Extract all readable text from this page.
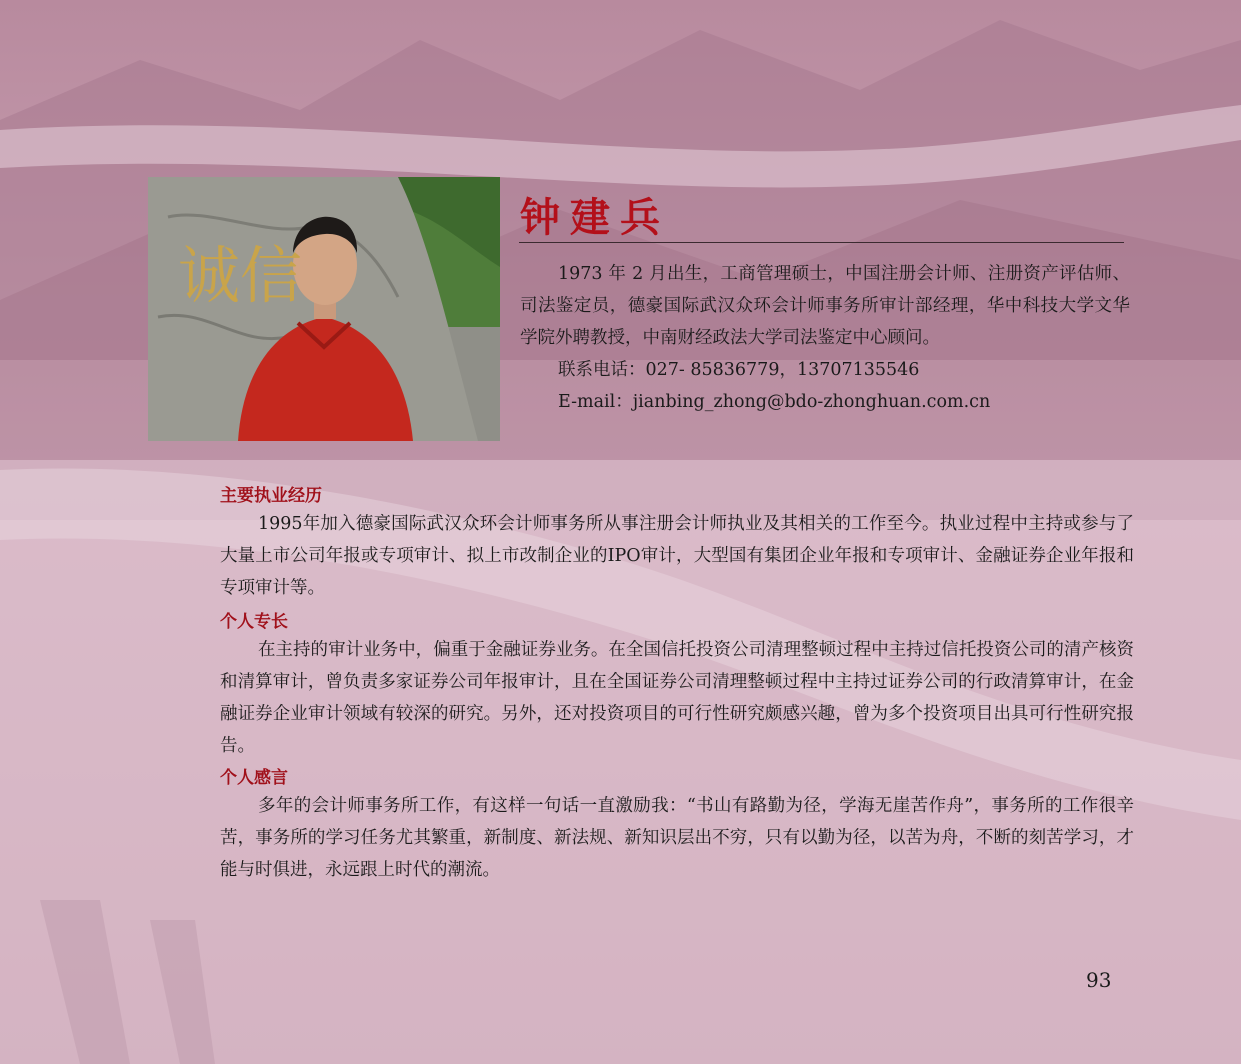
诚信
钟建兵

1973 年 2 月出生，工商管理硕士，中国注册会计师、注册资产评估师、司法鉴定员，德豪国际武汉众环会计师事务所审计部经理，华中科技大学文华学院外聘教授，中南财经政法大学司法鉴定中心顾问。

联系电话：027- 85836779，13707135546
E-mail：jianbing_zhong@bdo-zhonghuan.com.cn
主要执业经历

1995年加入德豪国际武汉众环会计师事务所从事注册会计师执业及其相关的工作至今。执业过程中主持或参与了大量上市公司年报或专项审计、拟上市改制企业的IPO审计，大型国有集团企业年报和专项审计、金融证券企业年报和专项审计等。

个人专长

在主持的审计业务中，偏重于金融证券业务。在全国信托投资公司清理整顿过程中主持过信托投资公司的清产核资和清算审计，曾负责多家证券公司年报审计，且在全国证券公司清理整顿过程中主持过证券公司的行政清算审计，在金融证券企业审计领域有较深的研究。另外，还对投资项目的可行性研究颇感兴趣，曾为多个投资项目出具可行性研究报告。

个人感言

多年的会计师事务所工作，有这样一句话一直激励我：“书山有路勤为径，学海无崖苦作舟”，事务所的工作很辛苦，事务所的学习任务尤其繁重，新制度、新法规、新知识层出不穷，只有以勤为径，以苦为舟，不断的刻苦学习，才能与时俱进，永远跟上时代的潮流。

93
